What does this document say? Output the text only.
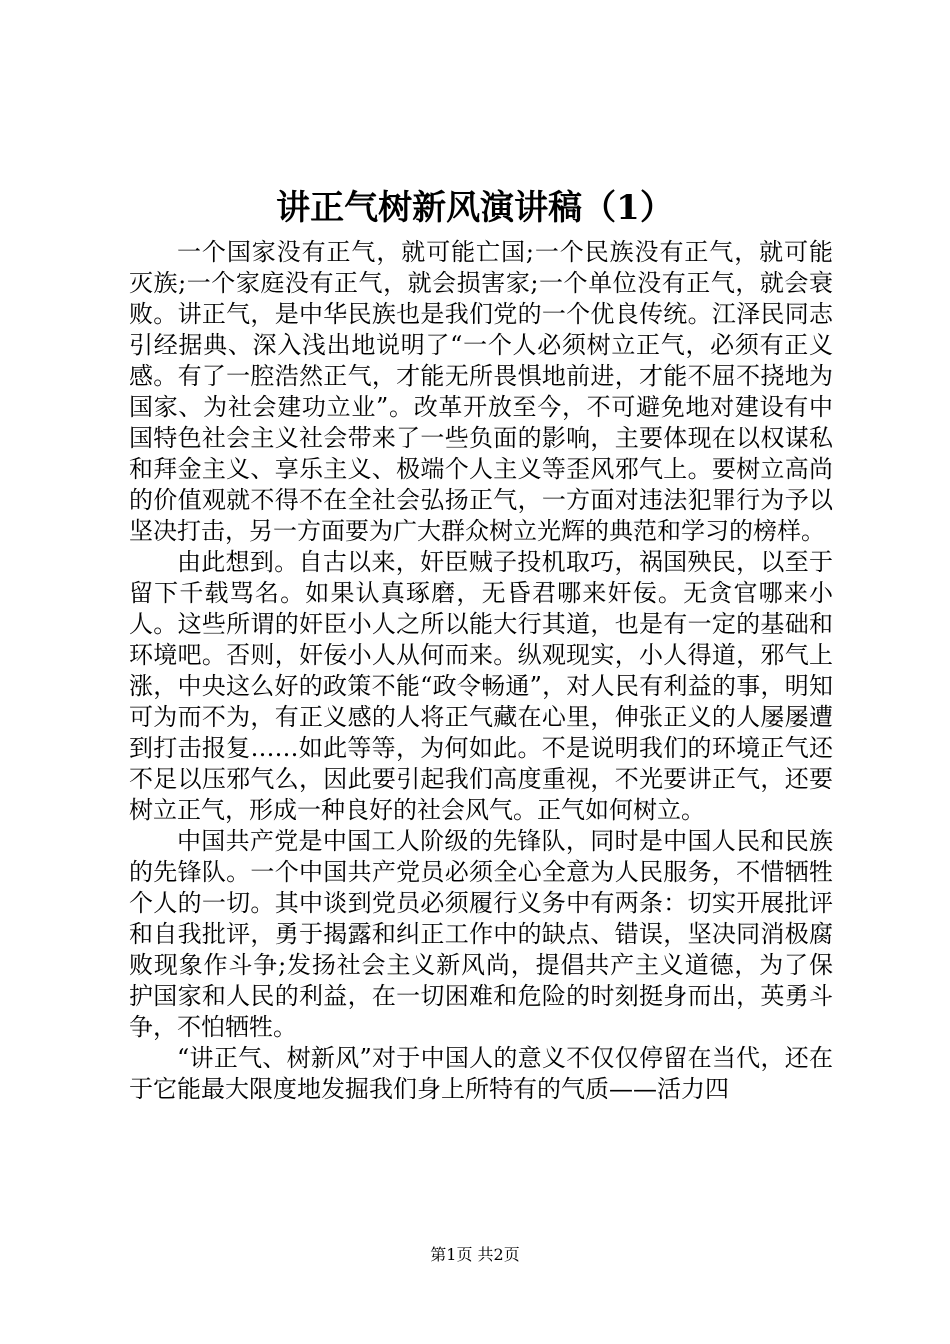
讲正气树新风演讲稿（1）

一个国家没有正气，就可能亡国;一个民族没有正气，就可能灭族;一个家庭没有正气，就会损害家;一个单位没有正气，就会衰败。讲正气，是中华民族也是我们党的一个优良传统。江泽民同志引经据典、深入浅出地说明了“一个人必须树立正气，必须有正义感。有了一腔浩然正气，才能无所畏惧地前进，才能不屈不挠地为国家、为社会建功立业”。改革开放至今，不可避免地对建设有中国特色社会主义社会带来了一些负面的影响，主要体现在以权谋私和拜金主义、享乐主义、极端个人主义等歪风邪气上。要树立高尚的价值观就不得不在全社会弘扬正气，一方面对违法犯罪行为予以坚决打击，另一方面要为广大群众树立光辉的典范和学习的榜样。

由此想到。自古以来，奸臣贼子投机取巧，祸国殃民，以至于留下千载骂名。如果认真琢磨，无昏君哪来奸佞。无贪官哪来小人。这些所谓的奸臣小人之所以能大行其道，也是有一定的基础和环境吧。否则，奸佞小人从何而来。纵观现实，小人得道，邪气上涨，中央这么好的政策不能“政令畅通”，对人民有利益的事，明知可为而不为，有正义感的人将正气藏在心里，伸张正义的人屡屡遭到打击报复……如此等等，为何如此。不是说明我们的环境正气还不足以压邪气么，因此要引起我们高度重视，不光要讲正气，还要树立正气，形成一种良好的社会风气。正气如何树立。

中国共产党是中国工人阶级的先锋队，同时是中国人民和民族的先锋队。一个中国共产党员必须全心全意为人民服务，不惜牺牲个人的一切。其中谈到党员必须履行义务中有两条：切实开展批评和自我批评，勇于揭露和纠正工作中的缺点、错误，坚决同消极腐败现象作斗争;发扬社会主义新风尚，提倡共产主义道德，为了保护国家和人民的利益，在一切困难和危险的时刻挺身而出，英勇斗争，不怕牺牲。

“讲正气、树新风”对于中国人的意义不仅仅停留在当代，还在于它能最大限度地发掘我们身上所特有的气质——活力四

第1页 共2页
